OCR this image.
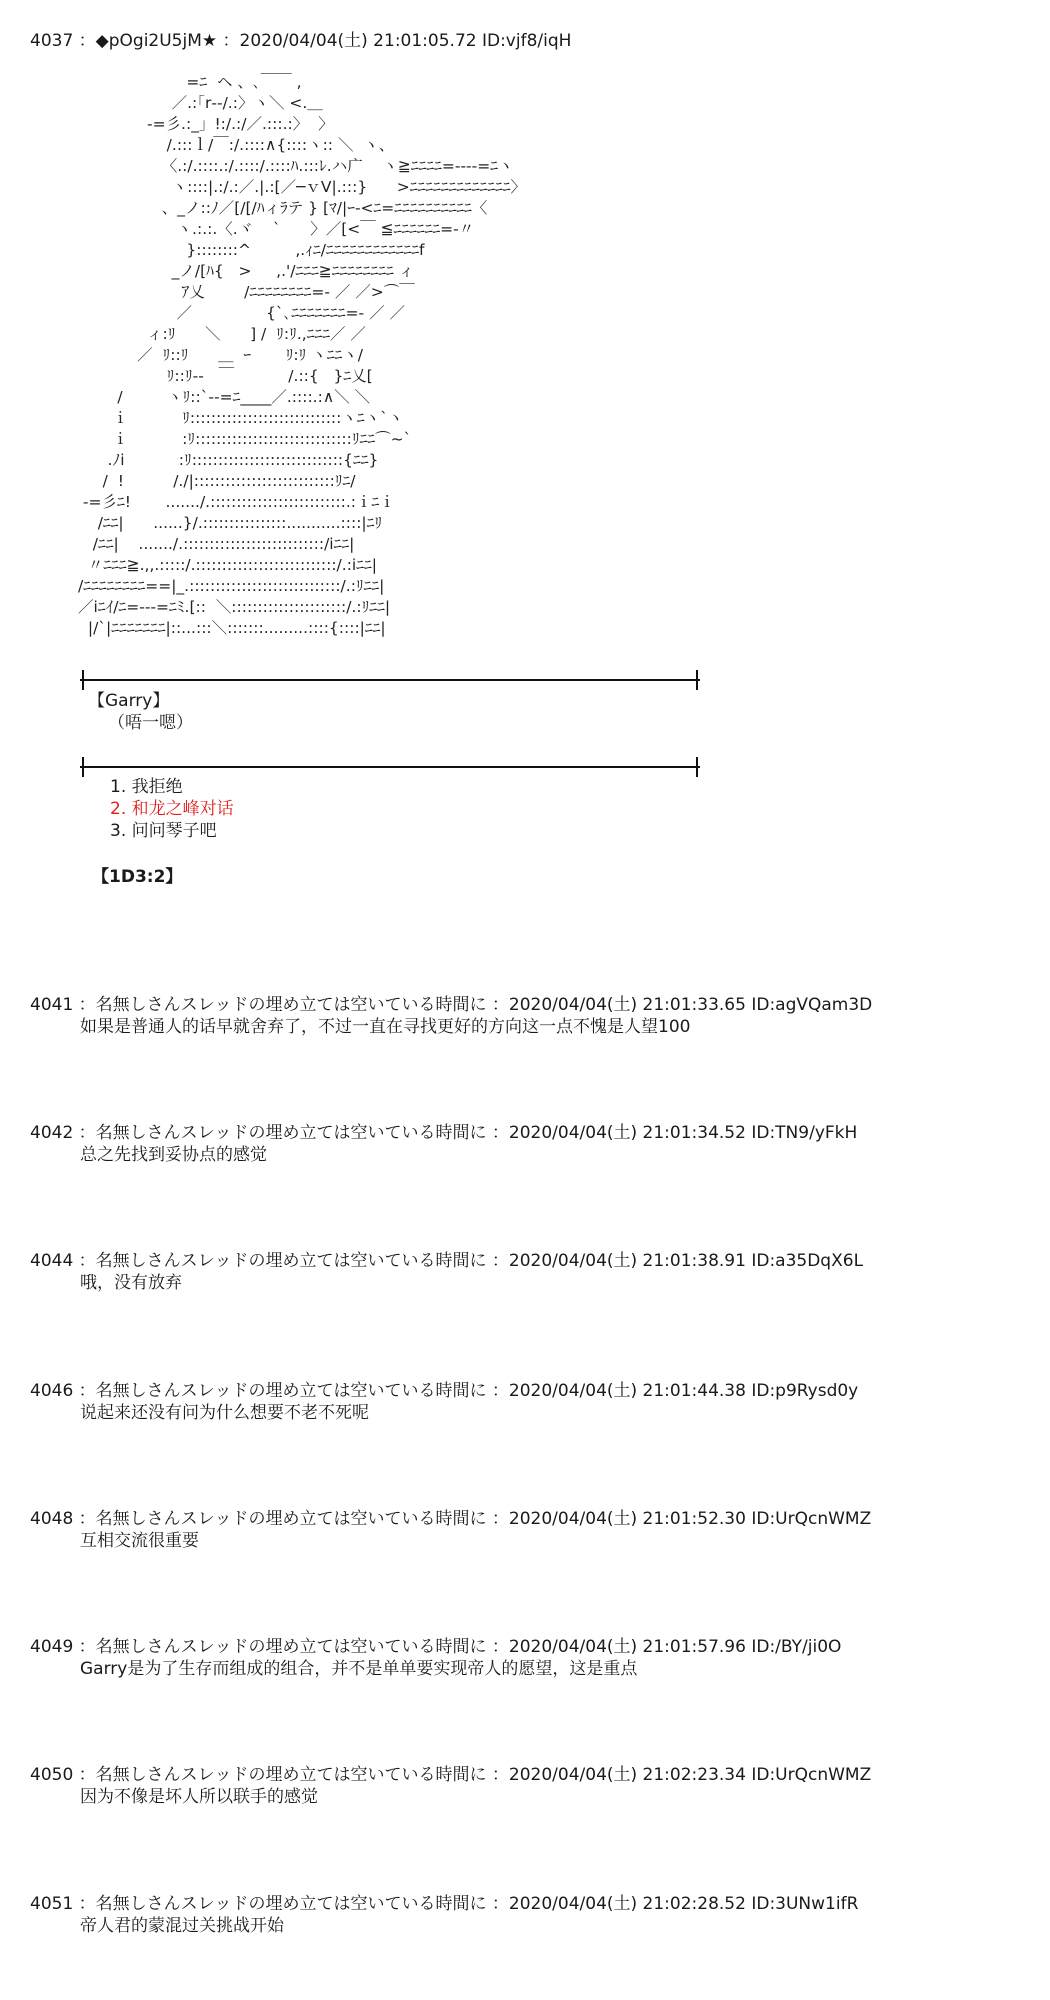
4037 ：◆pOgi2U5jM★ ：2020/04/04(土) 21:01:05.72 ID:vjf8/iqH
=ﾆ  ヘ 、､￣￣ ,
／.:｢r‐‐/.:〉ヽ＼ <.＿
-=彡.:_」!:/.:/／.:::.:〉  〉
/.:::ｌ/￣:/.::::∧{::::ヽ:: ＼  ヽ、
〈.:/.::::.:/.::::/.::::ﾊ.:::ﾚ.ハ广    ヽ≧ﾆﾆﾆﾆ=‐‐‐‐=ﾆヽ
ヽ::::|.:/.:／.|.:[／─ｖV|.:::}      >ﾆﾆﾆﾆﾆﾆﾆﾆﾆﾆﾆﾆﾆ〉
、_ノ::ﾉ／[/[/ﾊィﾗテ } [ﾏ/|ｰ‐<ﾆ=ﾆﾆﾆﾆﾆﾆﾆﾆﾆﾆ〈
ヽ.:.:.〈.ヾ    `      〉／[<￣ ≦ﾆﾆﾆﾆﾆﾆ=‐〃
}::::::::^         ,.ｨﾆ/ﾆﾆﾆﾆﾆﾆﾆﾆﾆﾆﾆﾆf
_ノ/[ﾊ{   >     ,.'/ﾆﾆﾆ≧ﾆﾆﾆﾆﾆﾆﾆﾆ ィ
ｱ乂        /ﾆﾆﾆﾆﾆﾆﾆﾆ=‐ ／ ／>⌒￣
／               {`､ﾆﾆﾆﾆﾆﾆﾆ=‐ ／ ／
ィ:ﾘ      ＼      ] /  ﾘ:ﾘ.,ﾆﾆﾆ／ ／
／  ﾘ::ﾘ      ＿  ｰ       ﾘ:ﾘ ヽﾆﾆヽ/
ﾘ::ﾘ‐‐   ￣           /.::{   }ﾆ乂[
/         ヽﾘ::`‐‐=ﾆ____／.::::.:∧＼ ＼
ｉ           ﾘ:::::::::::::::::::::::::::::ヽﾆヽ`ヽ
ｉ           :ﾘ::::::::::::::::::::::::::::::ﾘﾆﾆ⌒~`
.ﾉi           :ﾘ:::::::::::::::::::::::::::::{ﾆﾆ}
/  !          /./|:::::::::::::::::::::::::::ﾘﾆ/
-=彡ﾆ!       ......./.::::::::::::::::::::::::::.:ｉﾆｉ
/ﾆﾆ|      ......}/.::::::::::::::::...........::::|ﾆﾘ
/ﾆﾆ|    ......./.:::::::::::::::::::::::::::/iﾆﾆ|
〃ﾆﾆﾆ≧.,,.:::::/.:::::::::::::::::::::::::::/.:iﾆﾆ|
/ﾆﾆﾆﾆﾆﾆﾆﾆ==|_.:::::::::::::::::::::::::::::/.:ﾘﾆﾆ|
／iﾆｲ/ﾆ=‐‐‐=ﾆﾐ.[::  ＼::::::::::::::::::::::/.:ﾘﾆﾆ|
|/`|ﾆﾆﾆﾆﾆﾆﾆ|::...:::＼:::::::.........::::{::::|ﾆﾆ|
【Garry】
（唔一嗯）
1. 我拒绝
2. 和龙之峰对话
3. 问问琴子吧
【1D3:2】
4041 ：名無しさんスレッドの埋め立ては空いている時間に ：2020/04/04(土) 21:01:33.65 ID:agVQam3D
如果是普通人的话早就舍弃了，不过一直在寻找更好的方向这一点不愧是人望100
4042 ：名無しさんスレッドの埋め立ては空いている時間に ：2020/04/04(土) 21:01:34.52 ID:TN9/yFkH
总之先找到妥协点的感觉
4044 ：名無しさんスレッドの埋め立ては空いている時間に ：2020/04/04(土) 21:01:38.91 ID:a35DqX6L
哦，没有放弃
4046 ：名無しさんスレッドの埋め立ては空いている時間に ：2020/04/04(土) 21:01:44.38 ID:p9Rysd0y
说起来还没有问为什么想要不老不死呢
4048 ：名無しさんスレッドの埋め立ては空いている時間に ：2020/04/04(土) 21:01:52.30 ID:UrQcnWMZ
互相交流很重要
4049 ：名無しさんスレッドの埋め立ては空いている時間に ：2020/04/04(土) 21:01:57.96 ID:/BY/ji0O
Garry是为了生存而组成的组合，并不是单单要实现帝人的愿望，这是重点
4050 ：名無しさんスレッドの埋め立ては空いている時間に ：2020/04/04(土) 21:02:23.34 ID:UrQcnWMZ
因为不像是坏人所以联手的感觉
4051 ：名無しさんスレッドの埋め立ては空いている時間に ：2020/04/04(土) 21:02:28.52 ID:3UNw1ifR
帝人君的蒙混过关挑战开始
